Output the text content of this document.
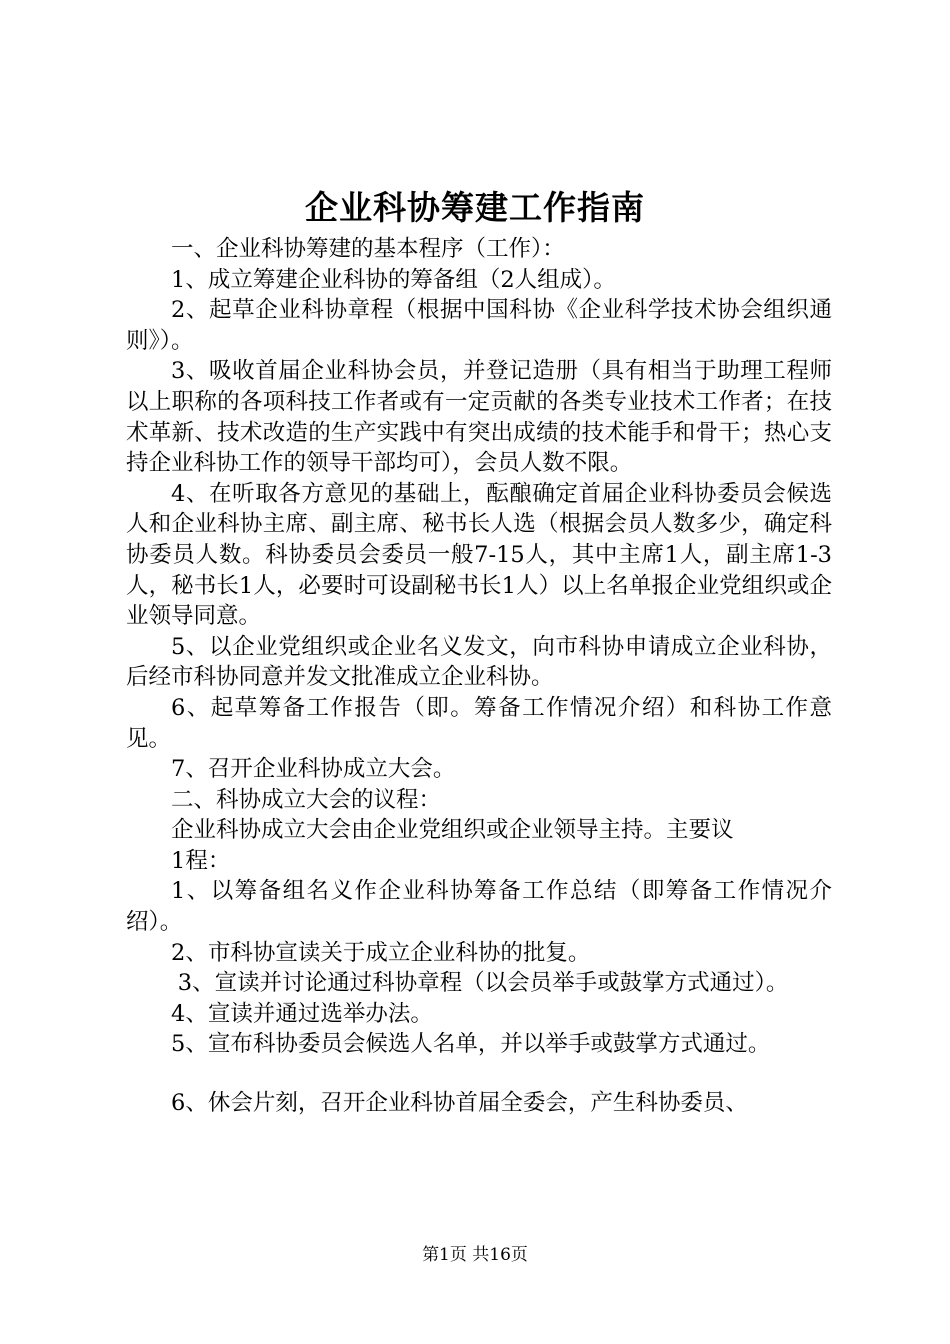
企业科协筹建工作指南

一、企业科协筹建的基本程序（工作）：

1、成立筹建企业科协的筹备组（2人组成）。

2、起草企业科协章程（根据中国科协《企业科学技术协会组织通则》）。

3、吸收首届企业科协会员，并登记造册（具有相当于助理工程师以上职称的各项科技工作者或有一定贡献的各类专业技术工作者；在技术革新、技术改造的生产实践中有突出成绩的技术能手和骨干；热心支持企业科协工作的领导干部均可），会员人数不限。

4、在听取各方意见的基础上，酝酿确定首届企业科协委员会候选人和企业科协主席、副主席、秘书长人选（根据会员人数多少，确定科协委员人数。科协委员会委员一般7-15人，其中主席1人，副主席1-3人，秘书长1人，必要时可设副秘书长1人）以上名单报企业党组织或企业领导同意。

5、以企业党组织或企业名义发文，向市科协申请成立企业科协，后经市科协同意并发文批准成立企业科协。

6、起草筹备工作报告（即。筹备工作情况介绍）和科协工作意见。

7、召开企业科协成立大会。

二、科协成立大会的议程：

企业科协成立大会由企业党组织或企业领导主持。主要议

1程：

1、以筹备组名义作企业科协筹备工作总结（即筹备工作情况介绍）。

2、市科协宣读关于成立企业科协的批复。

3、宣读并讨论通过科协章程（以会员举手或鼓掌方式通过）。

4、宣读并通过选举办法。

5、宣布科协委员会候选人名单，并以举手或鼓掌方式通过。

6、休会片刻，召开企业科协首届全委会，产生科协委员、

第1页 共16页
